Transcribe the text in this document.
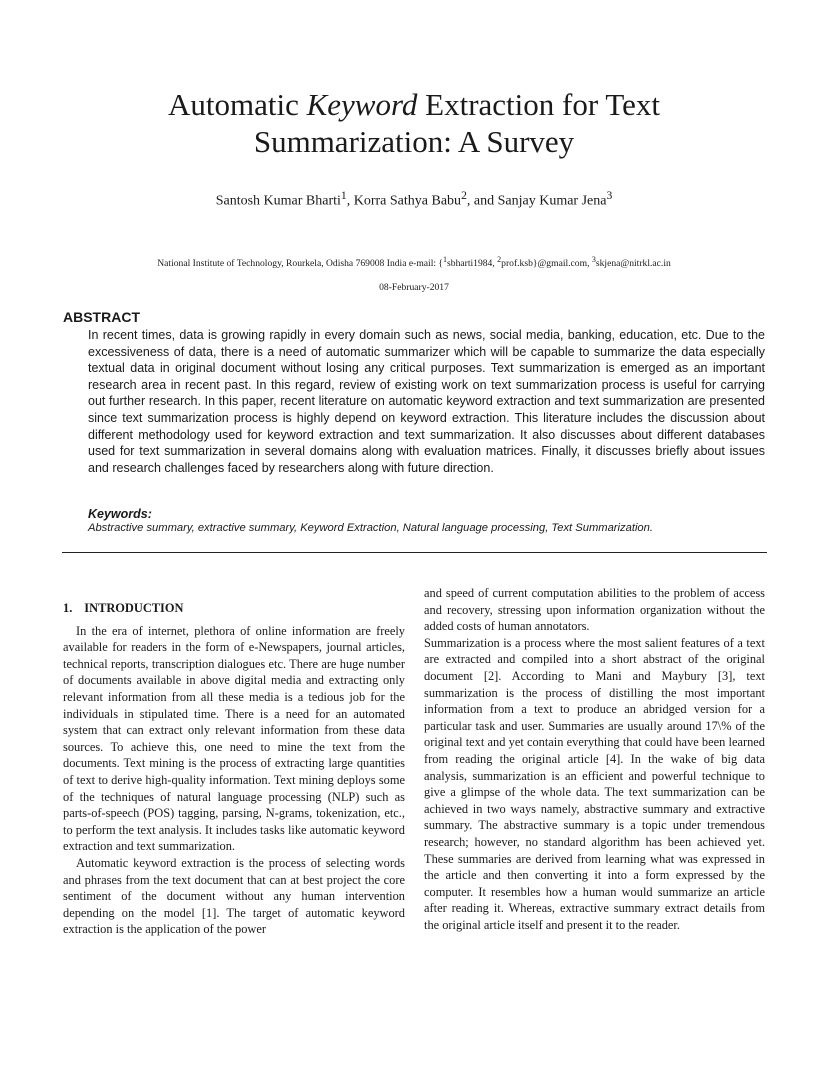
Automatic Keyword Extraction for Text
Summarization: A Survey
Santosh Kumar Bharti$^1$, Korra Sathya Babu$^2$, and Sanjay Kumar Jena$^3$
National Institute of Technology, Rourkela, Odisha 769008 India e-mail: {$^1$sbharti1984, $^2$prof.ksb}@gmail.com, $^3$skjena@nitrkl.ac.in
08-February-2017
ABSTRACT

In recent times, data is growing rapidly in every domain such as news, social media, banking, education, etc. Due to the excessiveness of data, there is a need of automatic summarizer which will be capable to summarize the data especially textual data in original document without losing any critical purposes. Text summarization is emerged as an important research area in recent past. In this regard, review of existing work on text summarization process is useful for carrying out further research. In this paper, recent literature on automatic keyword extraction and text summarization are presented since text summarization process is highly depend on keyword extraction. This literature includes the discussion about different methodology used for keyword extraction and text summarization. It also discusses about different databases used for text summarization in several domains along with evaluation matrices. Finally, it discusses briefly about issues and research challenges faced by researchers along with future direction.

Keywords:

Abstractive summary, extractive summary, Keyword Extraction, Natural language processing, Text Summarization.

1. INTRODUCTION

In the era of internet, plethora of online information are freely available for readers in the form of e-Newspapers, journal articles, technical reports, transcription dialogues etc. There are huge number of documents available in above digital media and extracting only relevant information from all these media is a tedious job for the individuals in stipulated time. There is a need for an automated system that can extract only relevant information from these data sources. To achieve this, one need to mine the text from the documents. Text mining is the process of extracting large quantities of text to derive high-quality information. Text mining deploys some of the techniques of natural language processing (NLP) such as parts-of-speech (POS) tagging, parsing, N-grams, tokenization, etc., to perform the text analysis. It includes tasks like automatic keyword extraction and text summarization.

Automatic keyword extraction is the process of selecting words and phrases from the text document that can at best project the core sentiment of the document without any human intervention depending on the model [1]. The target of automatic keyword extraction is the application of the power

and speed of current computation abilities to the problem of access and recovery, stressing upon information organization without the added costs of human annotators.

Summarization is a process where the most salient features of a text are extracted and compiled into a short abstract of the original document [2]. According to Mani and Maybury [3], text summarization is the process of distilling the most important information from a text to produce an abridged version for a particular task and user. Summaries are usually around 17\% of the original text and yet contain everything that could have been learned from reading the original article [4]. In the wake of big data analysis, summarization is an efficient and powerful technique to give a glimpse of the whole data. The text summarization can be achieved in two ways namely, abstractive summary and extractive summary. The abstractive summary is a topic under tremendous research; however, no standard algorithm has been achieved yet. These summaries are derived from learning what was expressed in the article and then converting it into a form expressed by the computer. It resembles how a human would summarize an article after reading it. Whereas, extractive summary extract details from the original article itself and present it to the reader.
